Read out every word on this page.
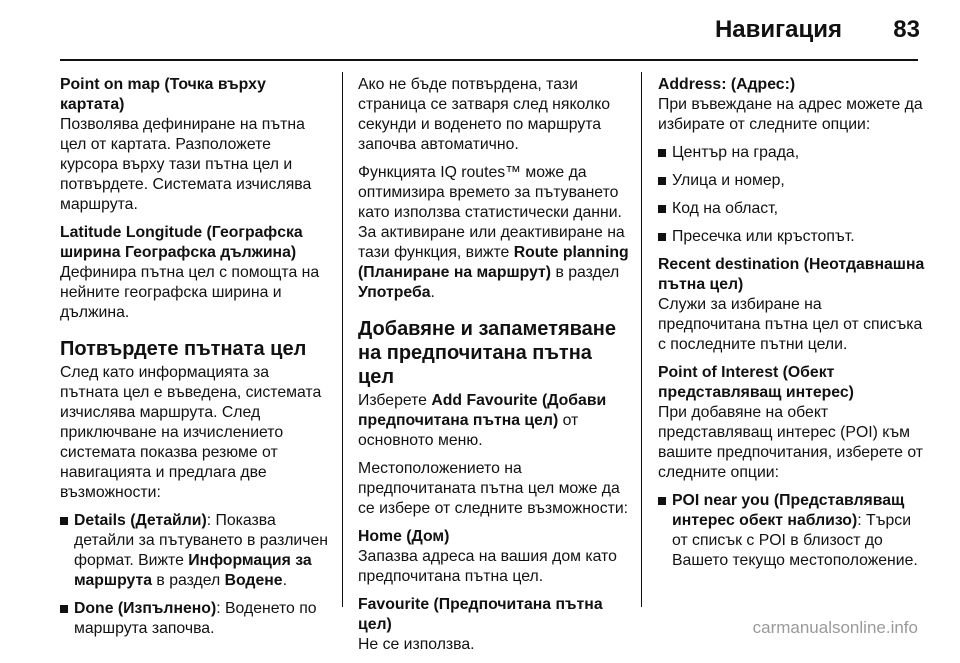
Навигация 83

Point on map (Точка върху картата)
Позволява дефиниране на пътна цел от картата. Разположете курсора върху тази пътна цел и потвърдете. Системата изчислява маршрута.

Latitude Longitude (Географска ширина Географска дължина)
Дефинира пътна цел с помощта на нейните географска ширина и дължина.

Потвърдете пътната цел

След като информацията за пътната цел е въведена, системата изчислява маршрута. След приключване на изчислението системата показва резюме от навигацията и предлага две възможности:

Details (Детайли): Показва детайли за пътуването в различен формат. Вижте Информация за маршрута в раздел Водене.
Done (Изпълнено): Воденето по маршрута започва.

Ако не бъде потвърдена, тази страница се затваря след няколко секунди и воденето по маршрута започва автоматично.

Функцията IQ routes™ може да оптимизира времето за пътуването като използва статистически данни. За активиране или деактивиране на тази функция, вижте Route planning (Планиране на маршрут) в раздел Употреба.

Добавяне и запаметяване на предпочитана пътна цел

Изберете Add Favourite (Добави предпочитана пътна цел) от основното меню.

Местоположението на предпочитаната пътна цел може да се избере от следните възможности:

Home (Дом)
Запазва адреса на вашия дом като предпочитана пътна цел.

Favourite (Предпочитана пътна цел)
Не се използва.

Address: (Адрес:)
При въвеждане на адрес можете да избирате от следните опции:

Център на града,
Улица и номер,
Код на област,
Пресечка или кръстопът.

Recent destination (Неотдавнашна пътна цел)
Служи за избиране на предпочитана пътна цел от списъка с последните пътни цели.

Point of Interest (Обект представляващ интерес)
При добавяне на обект представляващ интерес (POI) към вашите предпочитания, изберете от следните опции:

POI near you (Представляващ интерес обект наблизо): Търси от списък с POI в близост до Вашето текущо местоположение.
carmanualsonline.info
